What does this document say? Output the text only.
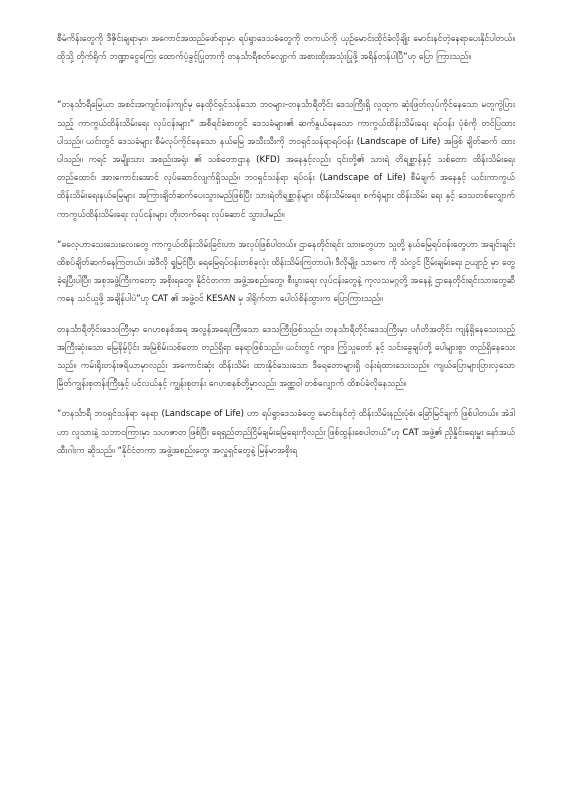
စီမံကိန်းတွေကို ဒီဇိုင်းချရာမှာ၊ အကောင်အထည်ဖော်ရာမှာ ရပ်ရွာဒေသခံတွေကို တကယ်ကို ယှဉ်မောင်းထိုင်ခံလိုချိုး မောင်းနင်တဲ့နေရာပေးနိုင်ပါတယ်။ ထိုသို့ တိုက်ရိုက် ဘဏ္ဍာငွေကြေး ထောက်ပံ့ခွင့်ပြုတာကို တနင်္သာရီစတ်လျော့က် အစားထိုးအသုံးပြုဖို့ အရိန်တန်ပါပြီ”ဟု ပြော ကြားသည်။

“တနင်္သာရီမြေယာ အစင်းအကျင်းဝန်းကျင်မှ နေထိုင်ရှင်သန်သော ဘဝများ-တနင်္သာရီတိုင်း ဒေသကြီးရှိ လူထုက ဆုံးဖြတ်လုပ်ကိုင်နေသော မတူကွဲပြားသည့် ကာကွယ်ထိန်းသိမ်းရေး လုပ်ငန်းများ” အစီရင်ခံစာတွင် ဒေသခံများ၏ ဆက်နွယ်နေသော ကာကွယ်ထိန်းသိမ်းရေး ရပ်ဝန်း ပုံစံကို တင်ပြထားပါသည်။ ယင်းတွင် ဒေသခံများ စီမံလုပ်ကိုင်နေသော နယ်မြေ အသီးသီးကို ဘဝရှင်သန်ရာရပ်ဝန်း (Landscape of Life) အဖြစ် ချိတ်ဆက် ထားပါသည်။ ကရင် အမျိုးသား အစည်းအရုံး ၏ သစ်တောဌာန (KFD) အနေနှင့်လည်း ၎င်းတို့၏ သားရဲ တိရစ္ဆာန်နှင့် သစ်တော ထိန်းသိမ်းရေး တည်ထောင်၊ အားကောင်းအောင် လုပ်ဆောင်လျက်ရှိသည်။ ဘဝရှင်သန်ရာ ရပ်ဝန်း (Landscape of Life) စီမံချက် အနေနှင့် ယင်းကာကွယ်ထိန်းသိမ်းရေးနယ်မြေများ အကြားချိတ်ဆက်ပေးသွားမည်ဖြစ်ပြီး သားရဲတိရစ္ဆာန်များ ထိန်းသိမ်းရေး၊ စက်ရုံများ ထိန်းသိမ်း ရေး နှင့် ဒေသတစ်လျှောက် ကာကွယ်ထိန်းသိမ်းရေး လုပ်ငန်းများ တိုးတက်ရေး လုပ်ဆောင် သွားပါမည်။

“ဓလေ့ဟာသေးသေးလေးတွေ ကာကွယ်ထိန်းသိမ်းခြင်းဟာ အလုပ်ဖြစ်ပါတယ်။ ဌာနေတိုင်းရင်း သားတွေဟာ သူတို့ နယ်မြေရပ်ဝန်းတွေဟာ အချင်းချင်း ထိစပ်ချိတ်ဆက်နေကြတယ်။ အဲဒီလို ရှုမြင်ပြီး ရေမြေရပ်ဝန်းတစ်ခုလုံး ထိန်းသိမ်းကြတာပါ။ ဒီလိုမျိုး သာဓက ကို သံလွင် ငြိမ်းချမ်းရေး ဥယျာဉ် မှာ တွေ့ခဲ့ရပြီးပါပြီ။ အစုအဖွဲ့ကြီးကတော့ အစိုးရတွေ၊ နိုင်ငံတကာ အဖွဲ့အစည်းတွေ၊ စီးပွားရေး လုပ်ငန်းတွေနဲ့ ကုလသမဂ္ဂတို့ အနေနဲ့ ဌာနေတိုင်းရင်းသားတွေဆီကနေ သင်ယူဖို့ အချိန်ပါပဲ”ဟု CAT ၏ အဖွဲ့ဝင် KESAN မှ ဒါရိုက်တာ ပေါလ်စိန်ထွားက ပြောကြားသည်။

တနင်္သာရီတိုင်းဒေသကြီးမှာ ဂေဟစနစ်အရ အလွန်အရေးကြီးသော ဒေသကြီးဖြစ်သည်။ တနင်္သာရီတိုင်းဒေသကြီးမှာ ပင်္ဂတိအတိုင်း ကျန်ရှိနေသေးသည့် အကြီးဆုံးသော မြေနိမ့်ပိုင်း အမြဲစိမ်းသစ်တော တည်ရှိရာ နေရာဖြစ်သည်။ ယင်းတွင် ကျား၊ ကြံ့သူတော် နှင့် သင်းခွေချပ်တို့ ပေါများစွာ တည်ရှိနေသေးသည်။ ကမ်းရိုးတန်းဇရိယာမှာလည်း အကောင်းဆုံး ထိန်းသိမ်း ထားနိုင်သေးသော ဒီရေတောများရှိ ဝန်းရံထားသေးသည်။ ကျယ်ပြောများပြားလှသော မြိတ်ကျွန်းစုတန်းကြီးနှင့် ပင်လယ်နှင့် ကျွန်းစုတန်း ဂေဟစနစ်တို့မှာလည်း အဏ္ဏဝါ တစ်လျှောက် ထိစပ်ခံလိုနေသည်။

“တနင်္သာရီ ဘဝရှင်သန်ရာ နေရာ (Landscape of Life) ဟာ ရပ်ရွာဒေသခံတွေ မောင်းနင်တဲ့ ထိန်းသိမ်းနည်းပုံစံ၊ ခြော်မြင်ချက် ဖြစ်ပါတယ်။ အဲဒါဟာ လူသားနဲ့ သဘာဝကြားမှာ သဟဇာတ ဖြစ်ပြီး ရေရှည်တည်ငြိမ်ချမ်းမြေရေးကိုလည်း ဖြစ်ထွန်းစေပါတယ်”ဟု CAT အဖွဲ့၏ ညှိနှိုင်းရေးမှူး နော်အယ်ထီးဂါးက ဆိုသည်။ “နိုင်ငံတကာ အဖွဲ့အစည်းတွေ၊ အလှူရှင်တွေနဲ့ မြန်မာအစိုးရ
